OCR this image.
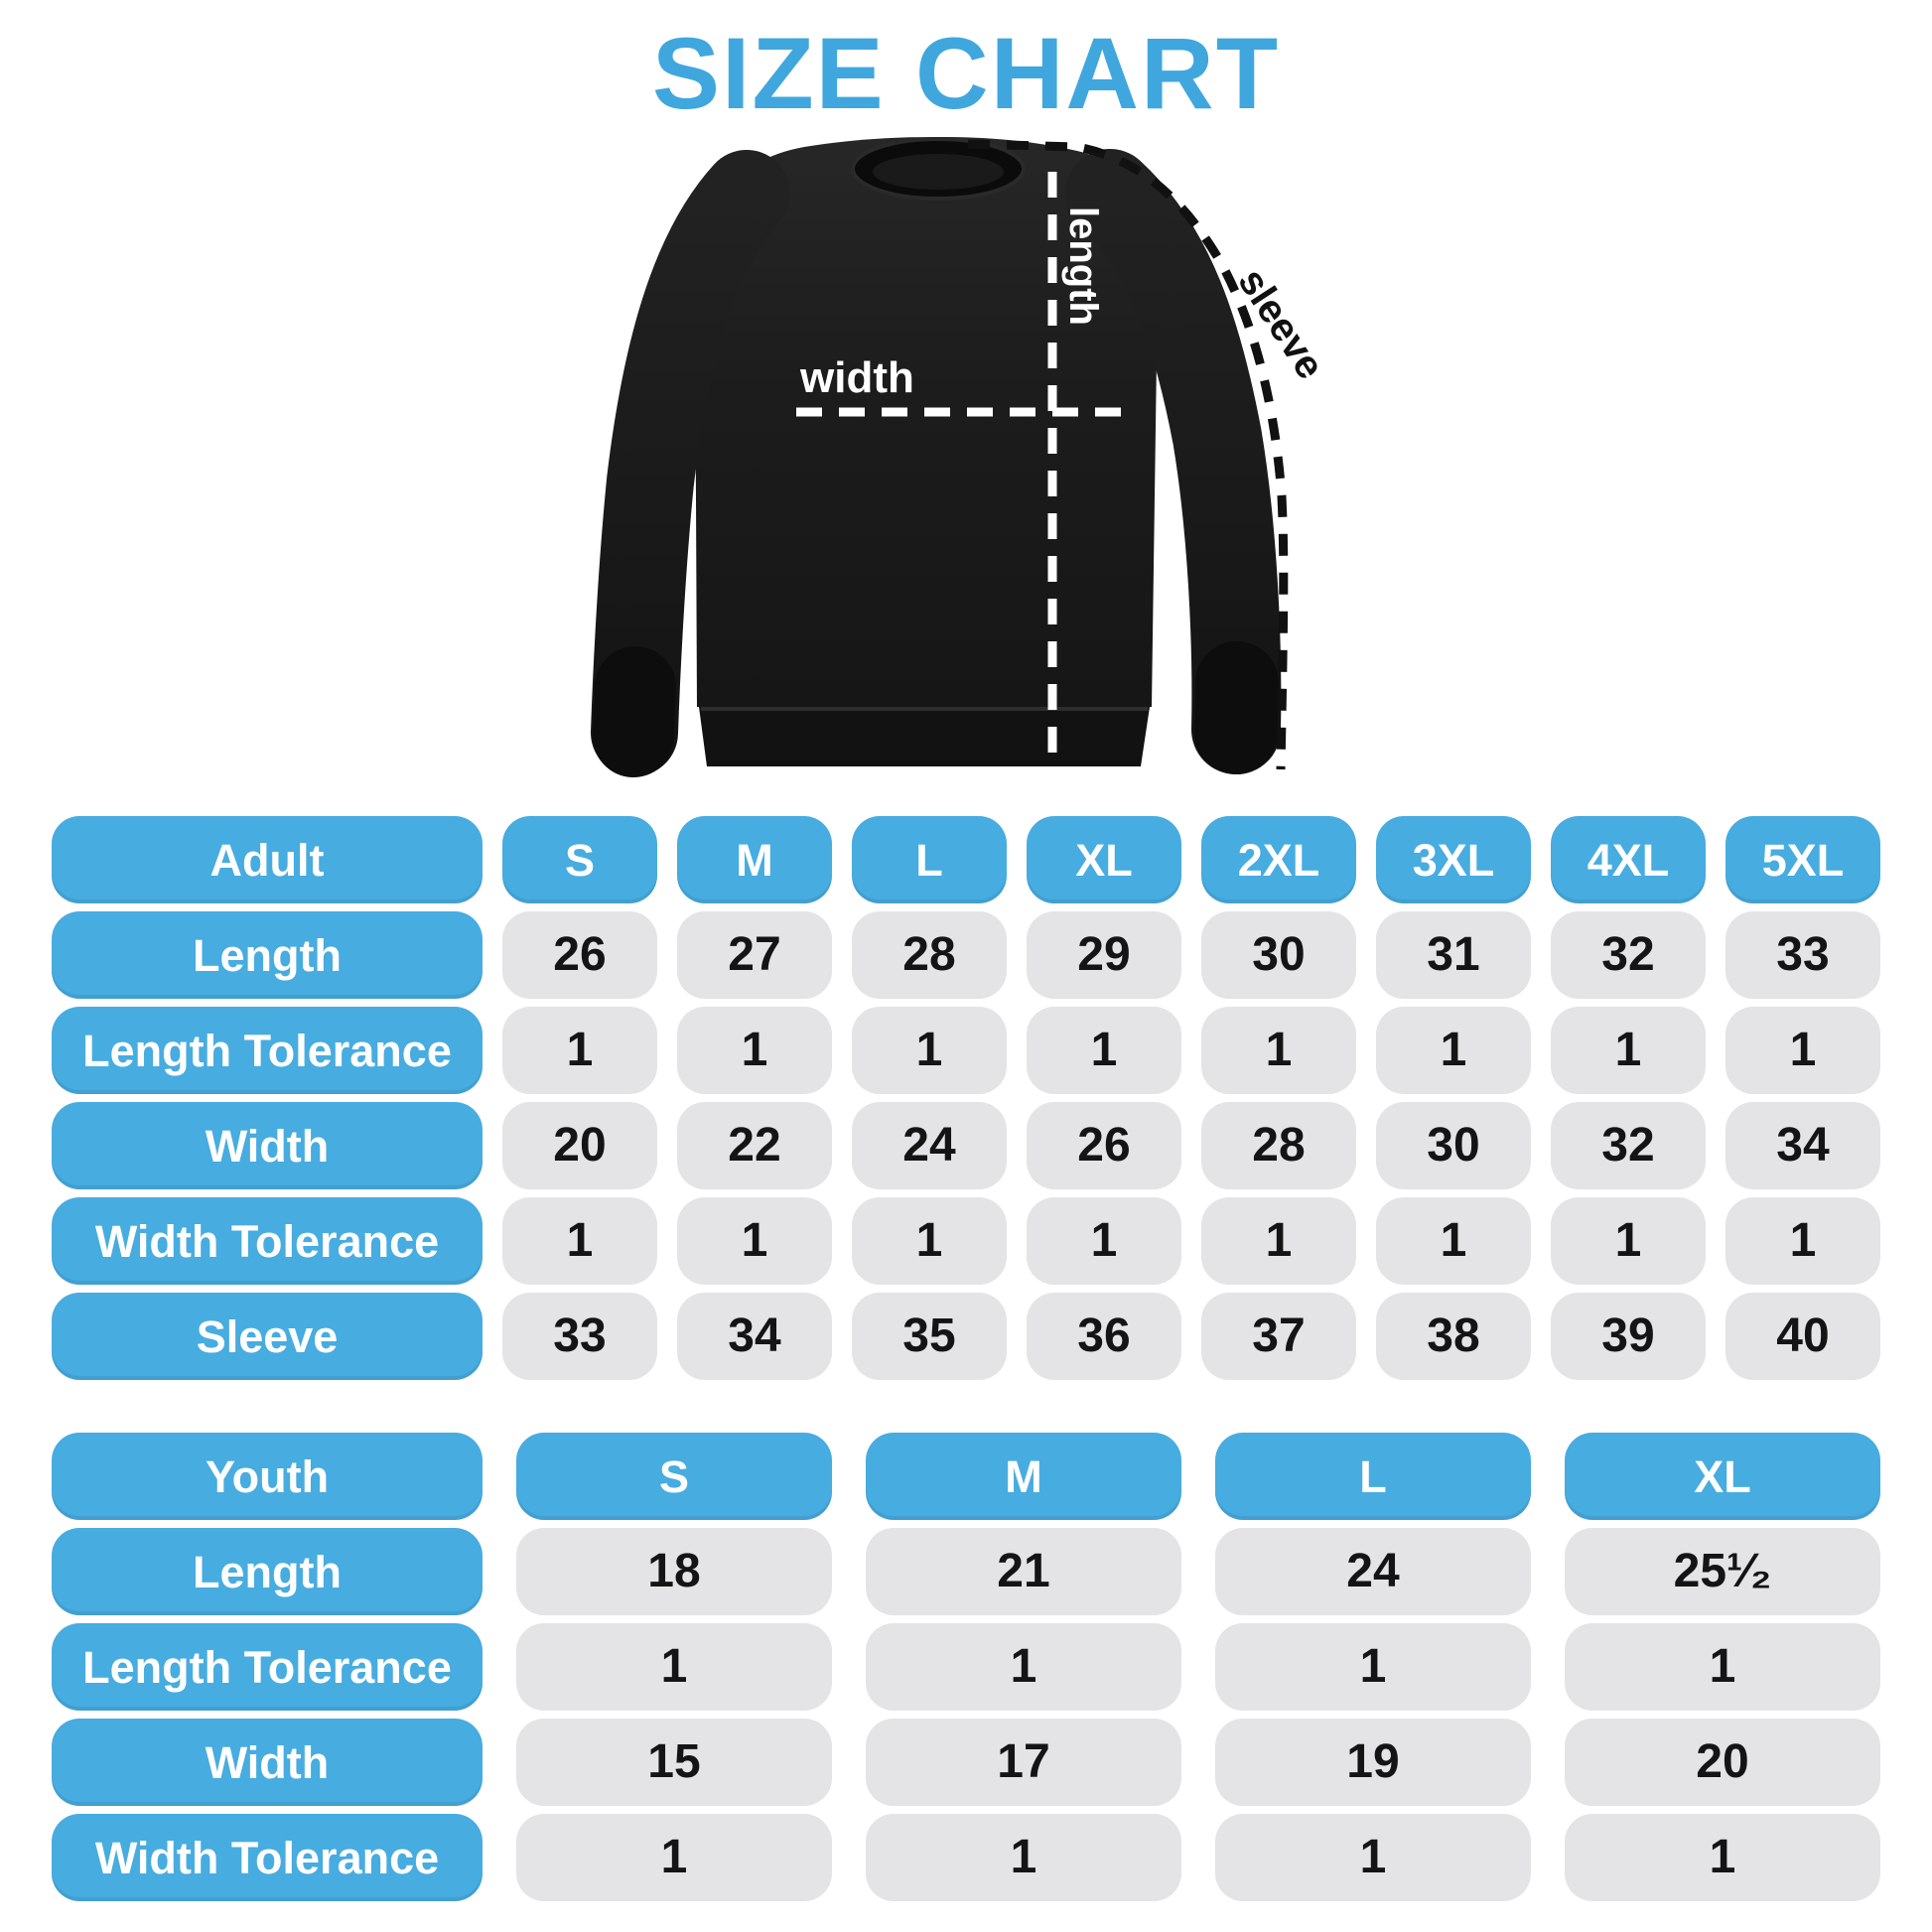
SIZE CHART
width
length	sleeve
Adult	S	M	L	XL	2XL	3XL	4XL	5XL
Length	26	27	28	29	30	31	32	33
Length Tolerance	1	1	1	1	1	1	1	1
Width	20	22	24	26	28	30	32	34
Width Tolerance	1	1	1	1	1	1	1	1
Sleeve	33	34	35	36	37	38	39	40
Youth	S	M	L	XL
Length	18	21	24	25¹⁄₂
Length Tolerance	1	1	1	1
Width	15	17	19	20
Width Tolerance	1	1	1	1
